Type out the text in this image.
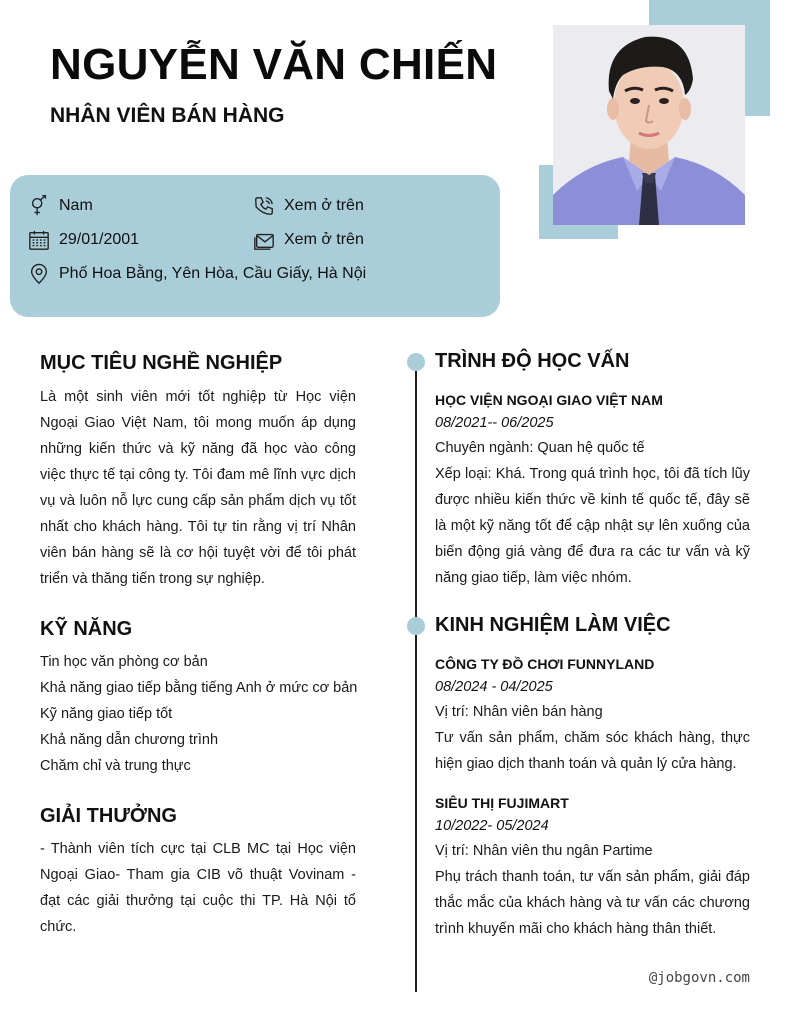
NGUYỄN VĂN CHIẾN
NHÂN VIÊN BÁN HÀNG
Nam
29/01/2001
Phố Hoa Bằng, Yên Hòa, Cầu Giấy, Hà Nội
Xem ở trên
Xem ở trên
MỤC TIÊU NGHỀ NGHIỆP
Là một sinh viên mới tốt nghiệp từ Học viện Ngoại Giao Việt Nam, tôi mong muốn áp dụng những kiến thức và kỹ năng đã học vào công việc thực tế tại công ty. Tôi đam mê lĩnh vực dịch vụ và luôn nỗ lực cung cấp sản phẩm dịch vụ tốt nhất cho khách hàng. Tôi tự tin rằng vị trí Nhân viên bán hàng sẽ là cơ hội tuyệt vời để tôi phát triển và thăng tiến trong sự nghiệp.
KỸ NĂNG
Tin học văn phòng cơ bản
Khả năng giao tiếp bằng tiếng Anh ở mức cơ bản
Kỹ năng giao tiếp tốt
Khả năng dẫn chương trình
Chăm chỉ và trung thực
GIẢI THƯỞNG
- Thành viên tích cực tại CLB MC tại Học viện Ngoại Giao- Tham gia CIB võ thuật Vovinam - đạt các giải thưởng tại cuộc thi TP. Hà Nội tổ chức.
TRÌNH ĐỘ HỌC VẤN
HỌC VIỆN NGOẠI GIAO VIỆT NAM
08/2021-- 06/2025
Chuyên ngành: Quan hệ quốc tế
Xếp loại: Khá. Trong quá trình học, tôi đã tích lũy được nhiều kiến thức về kinh tế quốc tế, đây sẽ là một kỹ năng tốt để cập nhật sự lên xuống của biến động giá vàng để đưa ra các tư vấn và kỹ năng giao tiếp, làm việc nhóm.
KINH NGHIỆM LÀM VIỆC
CÔNG TY ĐỒ CHƠI FUNNYLAND
08/2024 - 04/2025
Vị trí: Nhân viên bán hàng
Tư vấn sản phẩm, chăm sóc khách hàng, thực hiện giao dịch thanh toán và quản lý cửa hàng.
SIÊU THỊ FUJIMART
10/2022- 05/2024
Vị trí: Nhân viên thu ngân Partime
Phụ trách thanh toán, tư vấn sản phẩm, giải đáp thắc mắc của khách hàng và tư vấn các chương trình khuyến mãi cho khách hàng thân thiết.
@jobgovn.com
